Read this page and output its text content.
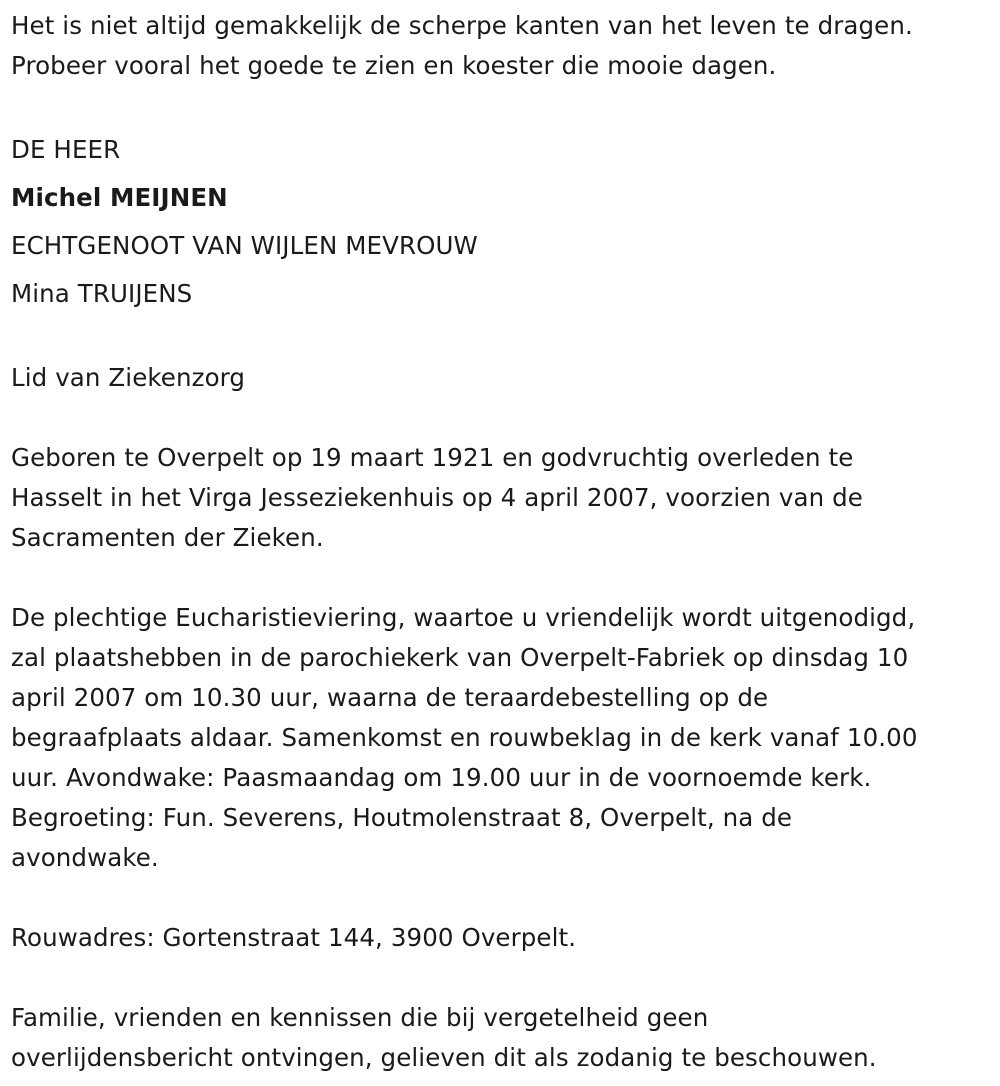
Het is niet altijd gemakkelijk de scherpe kanten van het leven te dragen.
Probeer vooral het goede te zien en koester die mooie dagen.
DE HEER
Michel MEIJNEN
ECHTGENOOT VAN WIJLEN MEVROUW
Mina TRUIJENS
Lid van Ziekenzorg
Geboren te Overpelt op 19 maart 1921 en godvruchtig overleden te
Hasselt in het Virga Jesseziekenhuis op 4 april 2007, voorzien van de
Sacramenten der Zieken.
De plechtige Eucharistieviering, waartoe u vriendelijk wordt uitgenodigd,
zal plaatshebben in de parochiekerk van Overpelt-Fabriek op dinsdag 10
april 2007 om 10.30 uur, waarna de teraardebestelling op de
begraafplaats aldaar. Samenkomst en rouwbeklag in de kerk vanaf 10.00
uur. Avondwake: Paasmaandag om 19.00 uur in de voornoemde kerk.
Begroeting: Fun. Severens, Houtmolenstraat 8, Overpelt, na de
avondwake.
Rouwadres: Gortenstraat 144, 3900 Overpelt.
Familie, vrienden en kennissen die bij vergetelheid geen
overlijdensbericht ontvingen, gelieven dit als zodanig te beschouwen.
